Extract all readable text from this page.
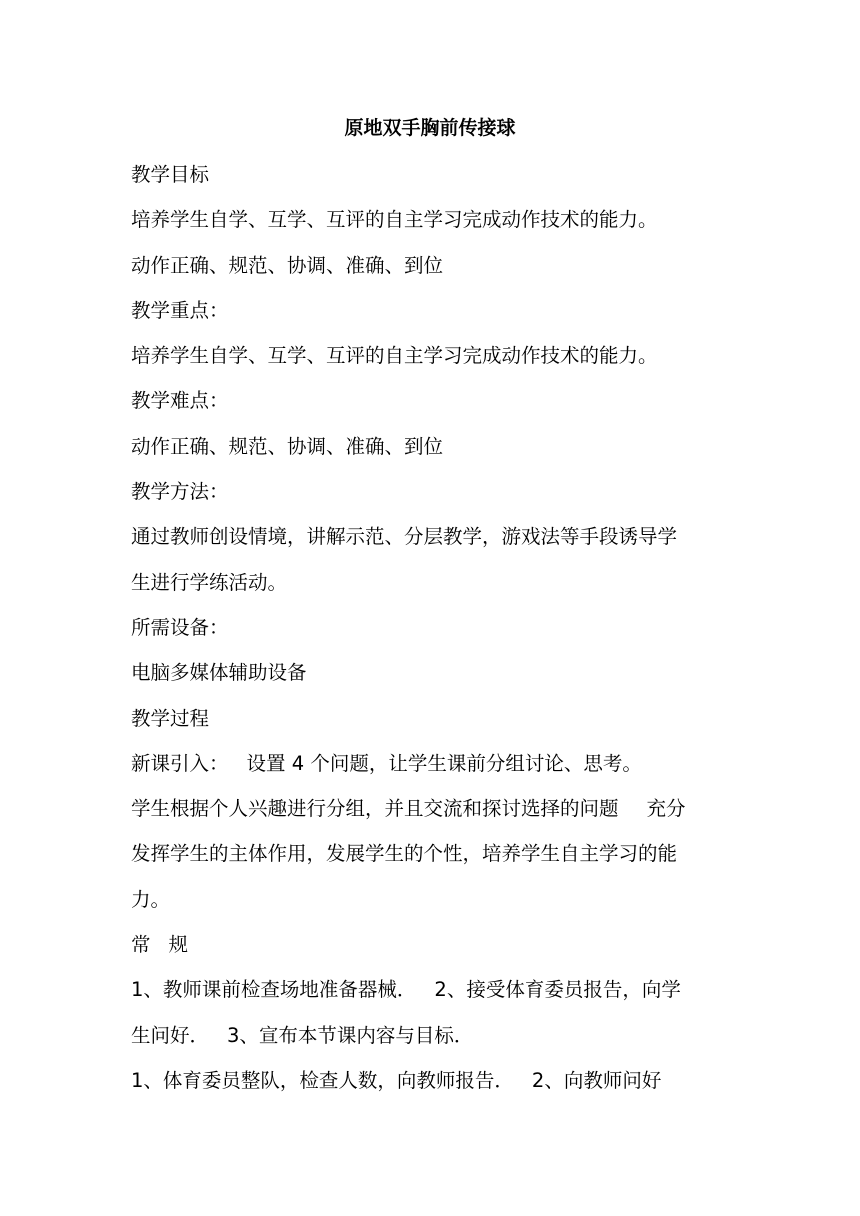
原地双手胸前传接球
教学目标
培养学生自学、互学、互评的自主学习完成动作技术的能力。
动作正确、规范、协调、准确、到位
教学重点：
培养学生自学、互学、互评的自主学习完成动作技术的能力。
教学难点：
动作正确、规范、协调、准确、到位
教学方法：
通过教师创设情境，讲解示范、分层教学，游戏法等手段诱导学
生进行学练活动。
所需设备：
电脑多媒体辅助设备
教学过程
新课引入： 设置 4 个问题，让学生课前分组讨论、思考。
学生根据个人兴趣进行分组，并且交流和探讨选择的问题 充分
发挥学生的主体作用，发展学生的个性，培养学生自主学习的能
力。
常 规
1、教师课前检查场地准备器械． 2、接受体育委员报告，向学
生问好． 3、宣布本节课内容与目标．
1、体育委员整队，检查人数，向教师报告． 2、向教师问好
